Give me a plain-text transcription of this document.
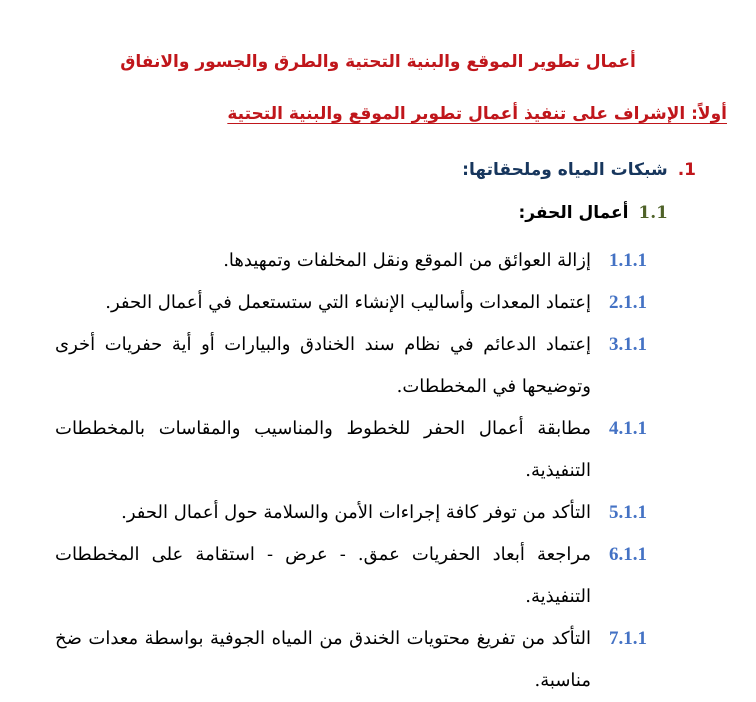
أعمال تطوير الموقع والبنية التحتية والطرق والجسور والانفاق
أولاً: الإشراف على تنفيذ أعمال تطوير الموقع والبنية التحتية
1.شبكات المياه وملحقاتها:
1.1أعمال الحفر:

1.1.1
إزالة العوائق من الموقع ونقل المخلفات وتمهيدها.

2.1.1
إعتماد المعدات وأساليب الإنشاء التي ستستعمل في أعمال الحفر.

3.1.1
إعتماد الدعائم في نظام سند الخنادق والبيارات أو أية حفريات أخرى وتوضيحها في المخططات.

4.1.1
مطابقة أعمال الحفر للخطوط والمناسيب والمقاسات بالمخططات التنفيذية.

5.1.1
التأكد من توفر كافة إجراءات الأمن والسلامة حول أعمال الحفر.

6.1.1
مراجعة أبعاد الحفريات عمق. - عرض - استقامة على المخططات التنفيذية.

7.1.1
التأكد من تفريغ محتويات الخندق من المياه الجوفية بواسطة معدات ضخ مناسبة.
